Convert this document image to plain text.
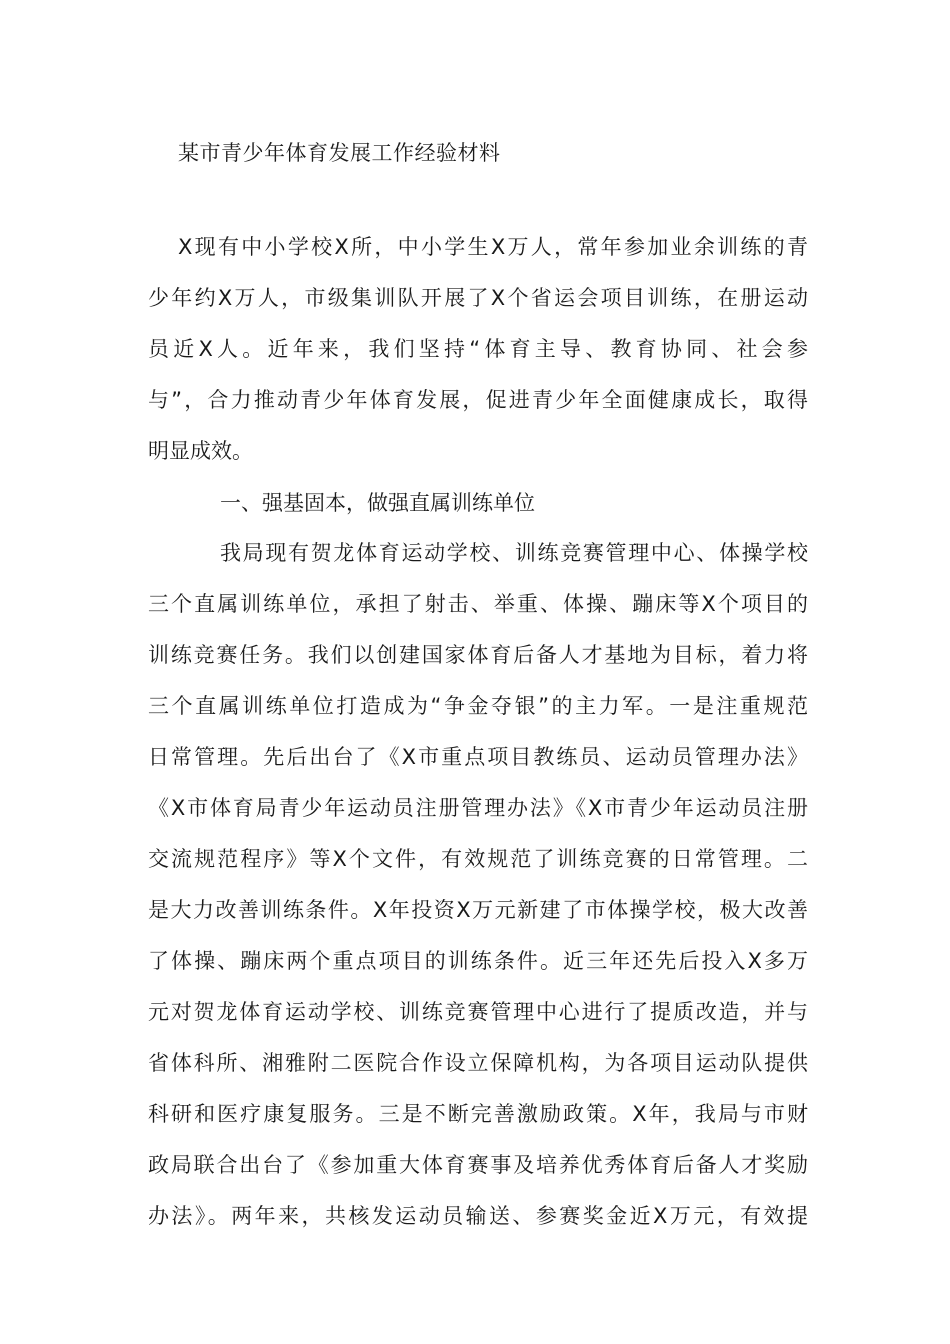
某市青少年体育发展工作经验材料
X现有中小学校X所，中小学生X万人，常年参加业余训练的青
少年约X万人，市级集训队开展了X个省运会项目训练，在册运动
员近X人。近年来，我们坚持“体育主导、教育协同、社会参
与”，合力推动青少年体育发展，促进青少年全面健康成长，取得
明显成效。
一、强基固本，做强直属训练单位
我局现有贺龙体育运动学校、训练竞赛管理中心、体操学校
三个直属训练单位，承担了射击、举重、体操、蹦床等X个项目的
训练竞赛任务。我们以创建国家体育后备人才基地为目标，着力将
三个直属训练单位打造成为“争金夺银”的主力军。一是注重规范
日常管理。先后出台了《X市重点项目教练员、运动员管理办法》
《X市体育局青少年运动员注册管理办法》《X市青少年运动员注册
交流规范程序》等X个文件，有效规范了训练竞赛的日常管理。二
是大力改善训练条件。X年投资X万元新建了市体操学校，极大改善
了体操、蹦床两个重点项目的训练条件。近三年还先后投入X多万
元对贺龙体育运动学校、训练竞赛管理中心进行了提质改造，并与
省体科所、湘雅附二医院合作设立保障机构，为各项目运动队提供
科研和医疗康复服务。三是不断完善激励政策。X年，我局与市财
政局联合出台了《参加重大体育赛事及培养优秀体育后备人才奖励
办法》。两年来，共核发运动员输送、参赛奖金近X万元，有效提
